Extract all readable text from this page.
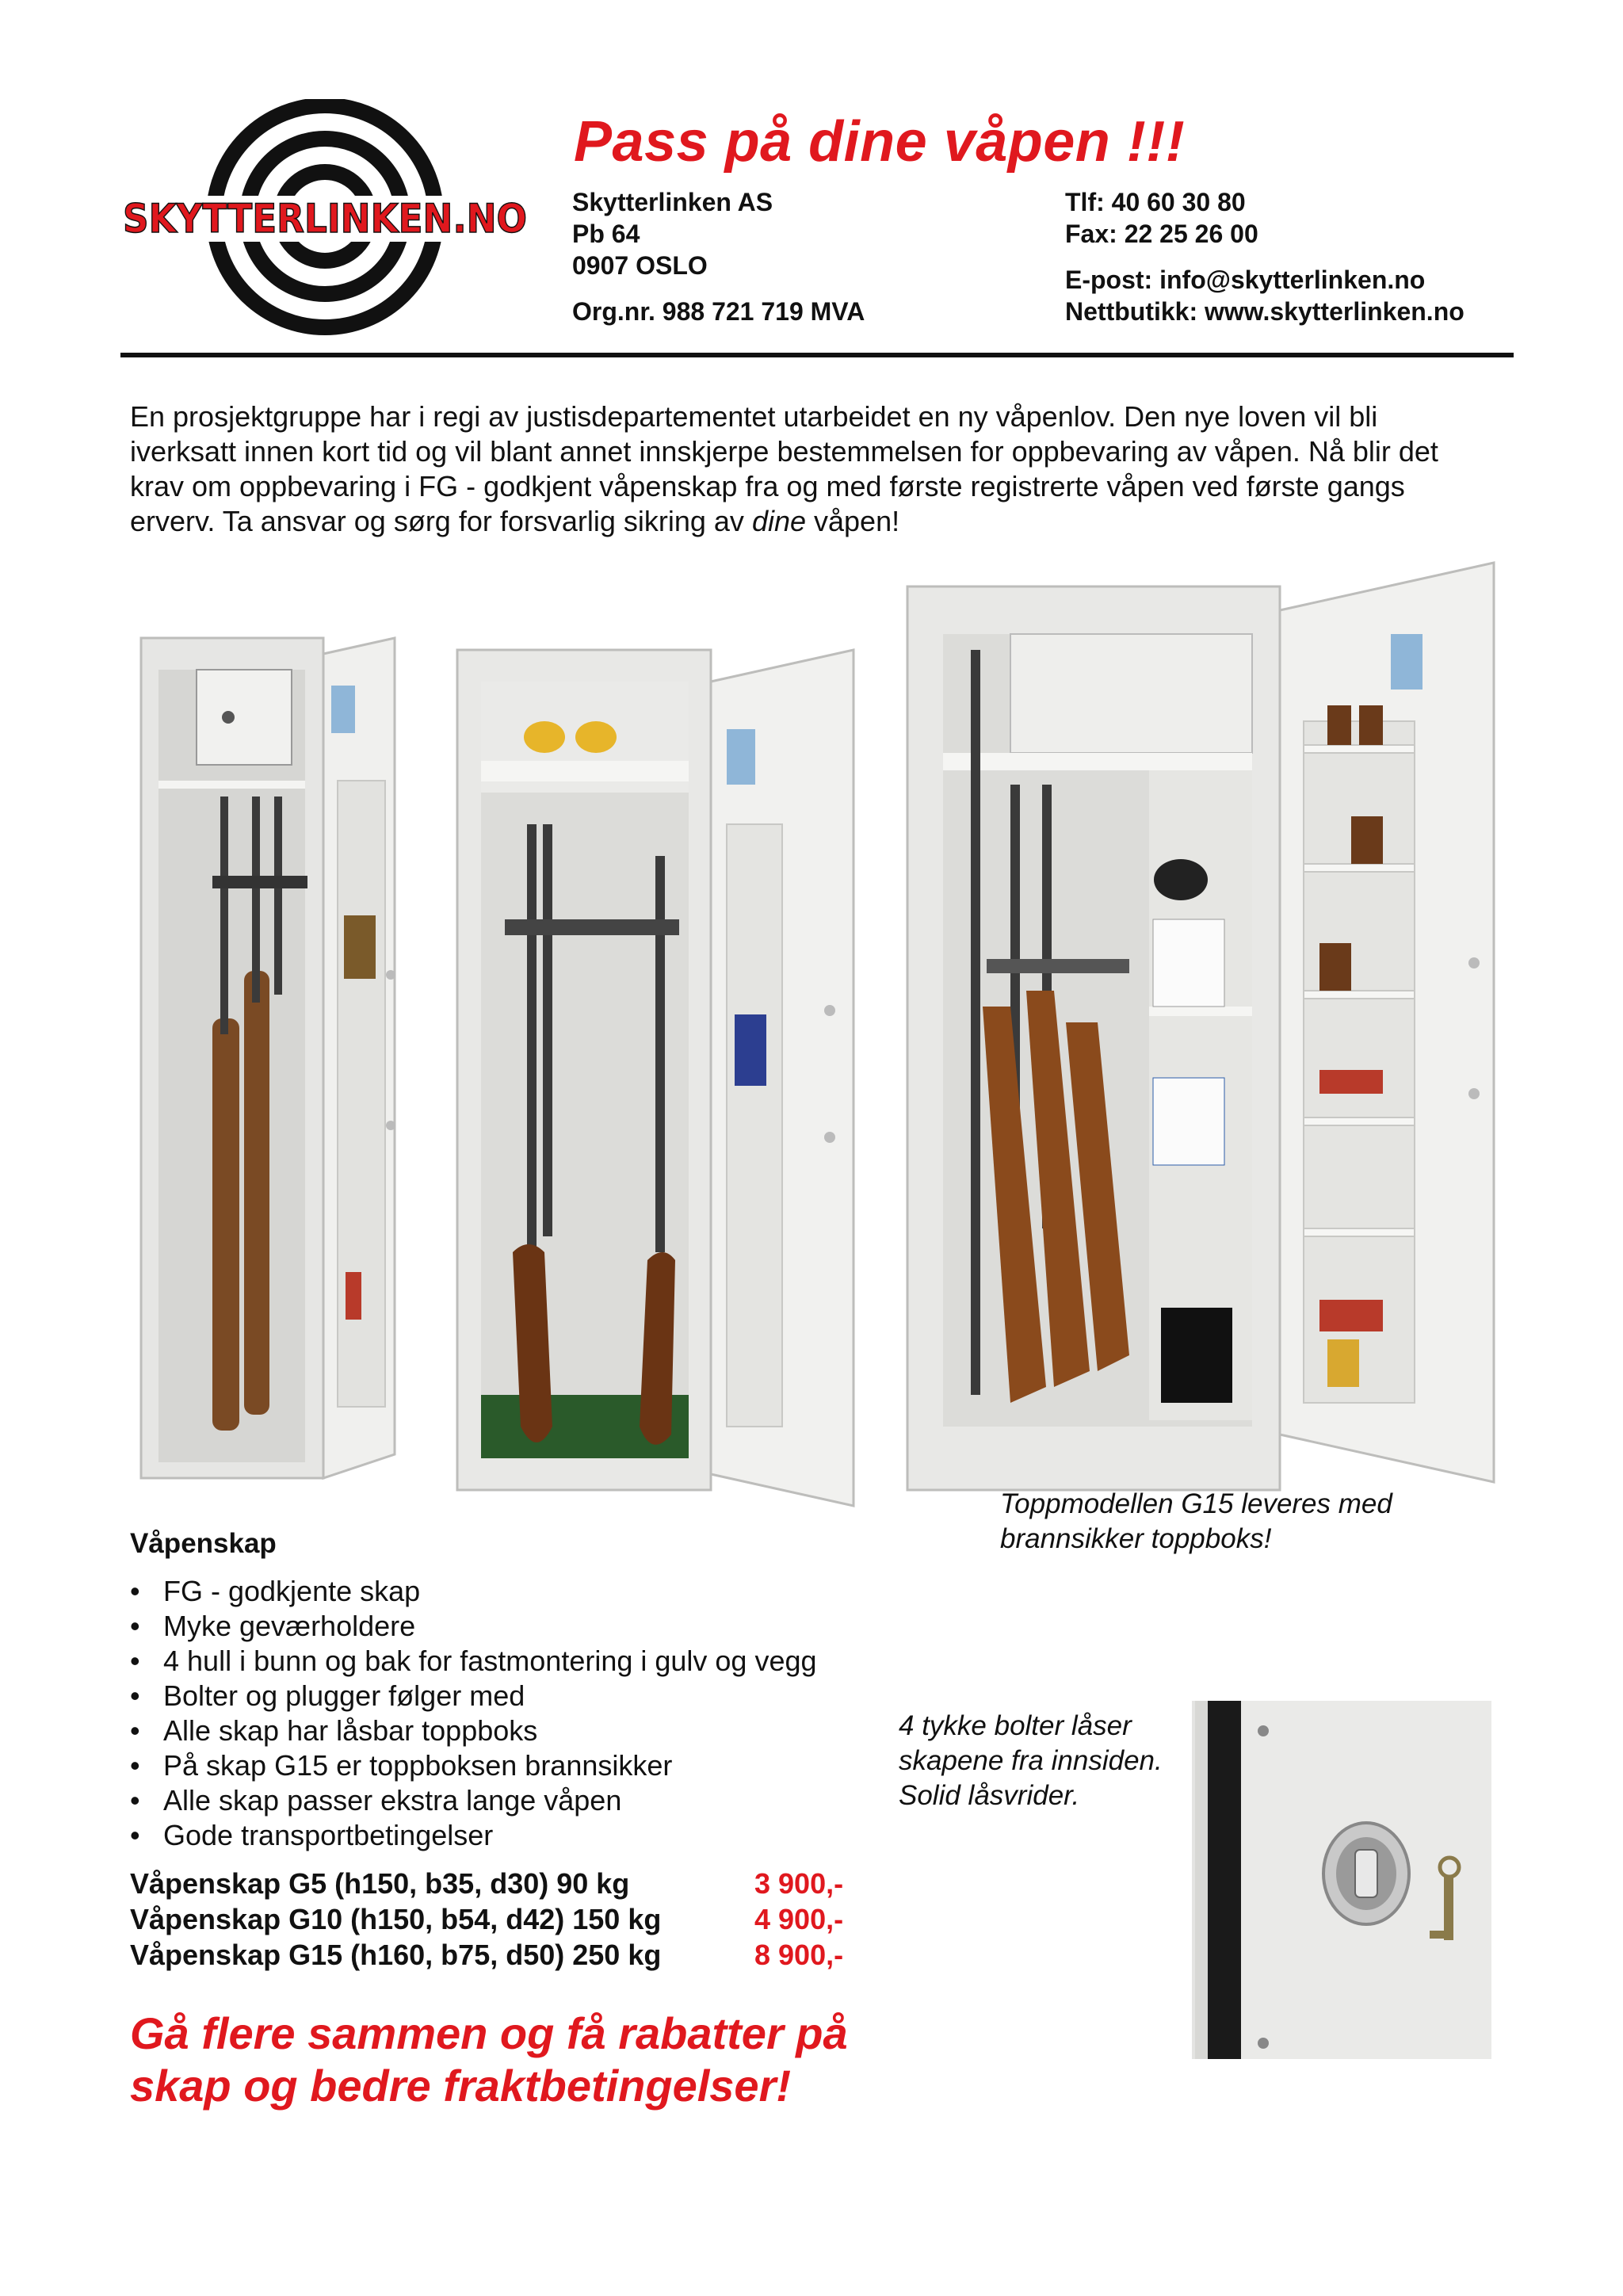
SKYTTERLINKEN.NO
Pass på dine våpen !!!
Skytterlinken AS
Pb 64
0907 OSLO
Org.nr. 988 721 719 MVA
Tlf: 40 60 30 80
Fax: 22 25 26 00
E-post: info@skytterlinken.no
Nettbutikk: www.skytterlinken.no

En prosjektgruppe har i regi av justisdepartementet utarbeidet en ny våpenlov. Den nye loven vil bli iverksatt innen kort tid og vil blant annet innskjerpe bestemmelsen for oppbevaring av våpen. Nå blir det krav om oppbevaring i FG - godkjent våpenskap fra og med første registrerte våpen ved første gangs erverv. Ta ansvar og sørg for forsvarlig sikring av dine våpen!

Toppmodellen G15 leveres med brannsikker toppboks!
Våpenskap
• FG - godkjente skap
• Myke geværholdere
• 4 hull i bunn og bak for fastmontering i gulv og vegg
• Bolter og plugger følger med
• Alle skap har låsbar toppboks
• På skap G15 er toppboksen brannsikker
• Alle skap passer ekstra lange våpen
• Gode transportbetingelser
Våpenskap G5 (h150, b35, d30) 90 kg	3 900,-
Våpenskap G10 (h150, b54, d42) 150 kg	4 900,-
Våpenskap G15 (h160, b75, d50) 250 kg	8 900,-
Gå flere sammen og få rabatter på skap og bedre fraktbetingelser!
4 tykke bolter låser skapene fra innsiden. Solid låsvrider.
